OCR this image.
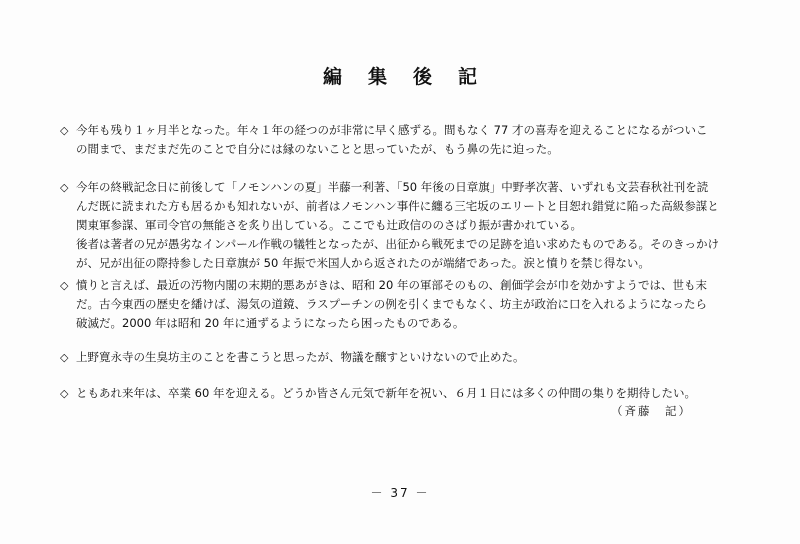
編集後記
◇ 今年も残り１ヶ月半となった。年々１年の経つのが非常に早く感ずる。間もなく 77 才の喜寿を迎えることになるがついこ
の間まで、まだまだ先のことで自分には縁のないことと思っていたが、もう鼻の先に迫った。
◇ 今年の終戦記念日に前後して「ノモンハンの夏」半藤一利著、「50 年後の日章旗」中野孝次著、いずれも文芸春秋社刊を読
んだ既に読まれた方も居るかも知れないが、前者はノモンハン事件に纏る三宅坂のエリートと目恕れ錯覚に陥った高級参謀と
関東軍参謀、軍司令官の無能さを炙り出している。ここでも辻政信ののさばり振が書かれている。
後者は著者の兄が愚劣なインパール作戦の犠牲となったが、出征から戦死までの足跡を追い求めたものである。そのきっかけ
が、兄が出征の際持参した日章旗が 50 年振で米国人から返されたのが端緒であった。涙と憤りを禁じ得ない。
◇ 憤りと言えば、最近の汚物内閣の末期的悪あがきは、昭和 20 年の軍部そのもの、創価学会が巾を効かすようでは、世も末
だ。古今東西の歴史を繙けば、湯気の道鏡、ラスプーチンの例を引くまでもなく、坊主が政治に口を入れるようになったら
破滅だ。2000 年は昭和 20 年に通ずるようになったら困ったものである。
◇ 上野寛永寺の生臭坊主のことを書こうと思ったが、物議を醸すといけないので止めた。
◇ ともあれ来年は、卒業 60 年を迎える。どうか皆さん元気で新年を祝い、６月１日には多くの仲間の集りを期待したい。
（斉藤　記）
－ 37 －
